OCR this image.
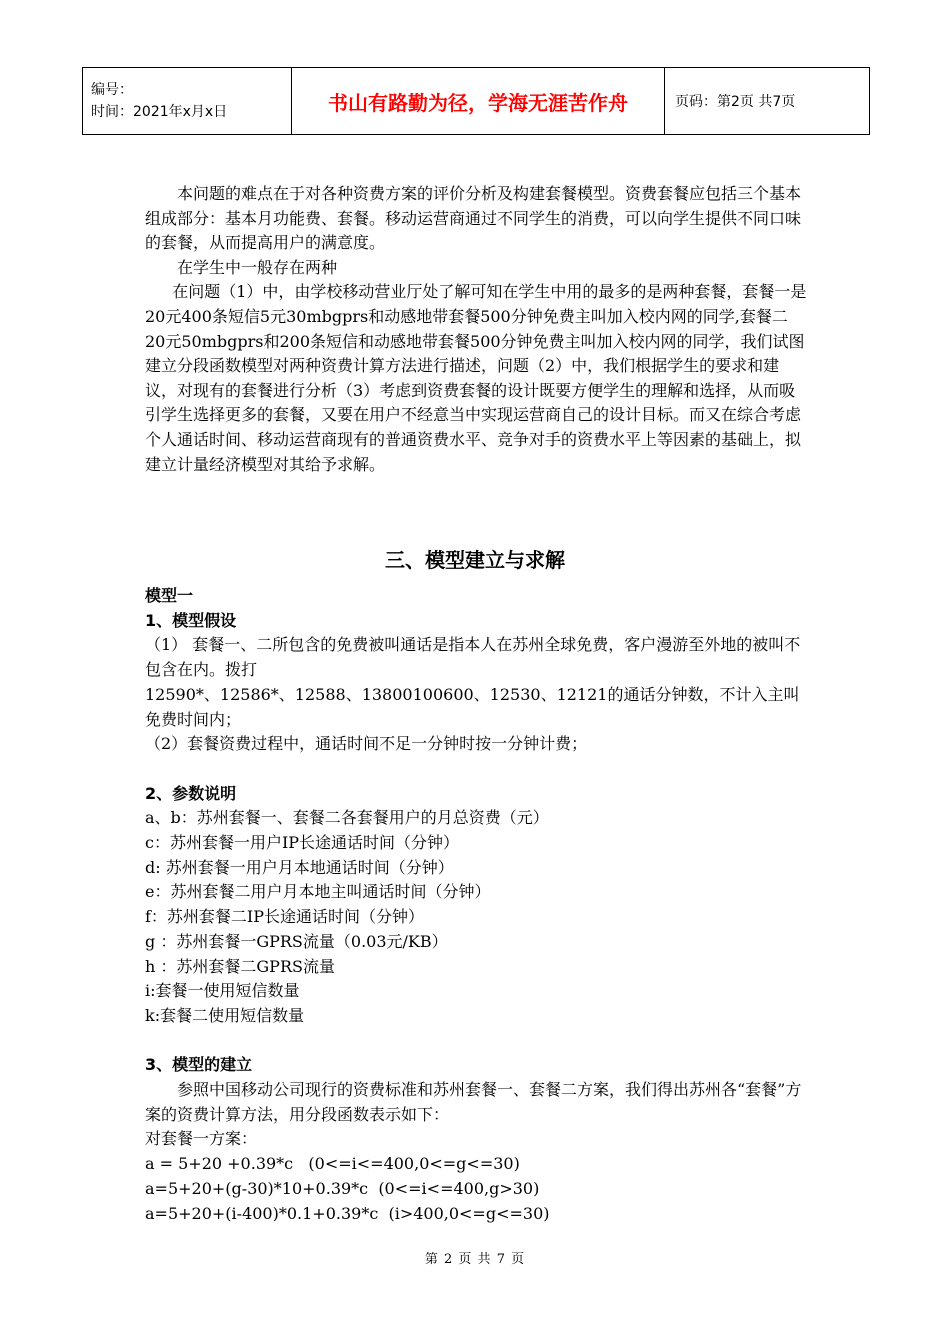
编号：
时间：2021年x月x日	书山有路勤为径，学海无涯苦作舟	页码：第2页 共7页

本问题的难点在于对各种资费方案的评价分析及构建套餐模型。资费套餐应包括三个基本组成部分：基本月功能费、套餐。移动运营商通过不同学生的消费，可以向学生提供不同口味的套餐，从而提高用户的满意度。

在学生中一般存在两种

在问题（1）中，由学校移动营业厅处了解可知在学生中用的最多的是两种套餐，套餐一是20元400条短信5元30mbgprs和动感地带套餐500分钟免费主叫加入校内网的同学,套餐二20元50mbgprs和200条短信和动感地带套餐500分钟免费主叫加入校内网的同学，我们试图建立分段函数模型对两种资费计算方法进行描述，问题（2）中，我们根据学生的要求和建议，对现有的套餐进行分析（3）考虑到资费套餐的设计既要方便学生的理解和选择，从而吸引学生选择更多的套餐，又要在用户不经意当中实现运营商自己的设计目标。而又在综合考虑个人通话时间、移动运营商现有的普通资费水平、竞争对手的资费水平上等因素的基础上，拟建立计量经济模型对其给予求解。

三、模型建立与求解

模型一

1、模型假设

（1） 套餐一、二所包含的免费被叫通话是指本人在苏州全球免费，客户漫游至外地的被叫不包含在内。拨打

12590*、12586*、12588、13800100600、12530、12121的通话分钟数，不计入主叫免费时间内；

（2）套餐资费过程中，通话时间不足一分钟时按一分钟计费；

2、参数说明

a、b：苏州套餐一、套餐二各套餐用户的月总资费（元）

c：苏州套餐一用户IP长途通话时间（分钟）

d: 苏州套餐一用户月本地通话时间（分钟）

e：苏州套餐二用户月本地主叫通话时间（分钟）

f：苏州套餐二IP长途通话时间（分钟）

g ：苏州套餐一GPRS流量（0.03元/KB）

h ：苏州套餐二GPRS流量

i:套餐一使用短信数量

k:套餐二使用短信数量

3、模型的建立

参照中国移动公司现行的资费标准和苏州套餐一、套餐二方案，我们得出苏州各“套餐”方案的资费计算方法，用分段函数表示如下：

对套餐一方案：

a = 5+20 +0.39*c   (0<=i<=400,0<=g<=30)

a=5+20+(g-30)*10+0.39*c  (0<=i<=400,g>30)

a=5+20+(i-400)*0.1+0.39*c  (i>400,0<=g<=30)

第 2 页 共 7 页
